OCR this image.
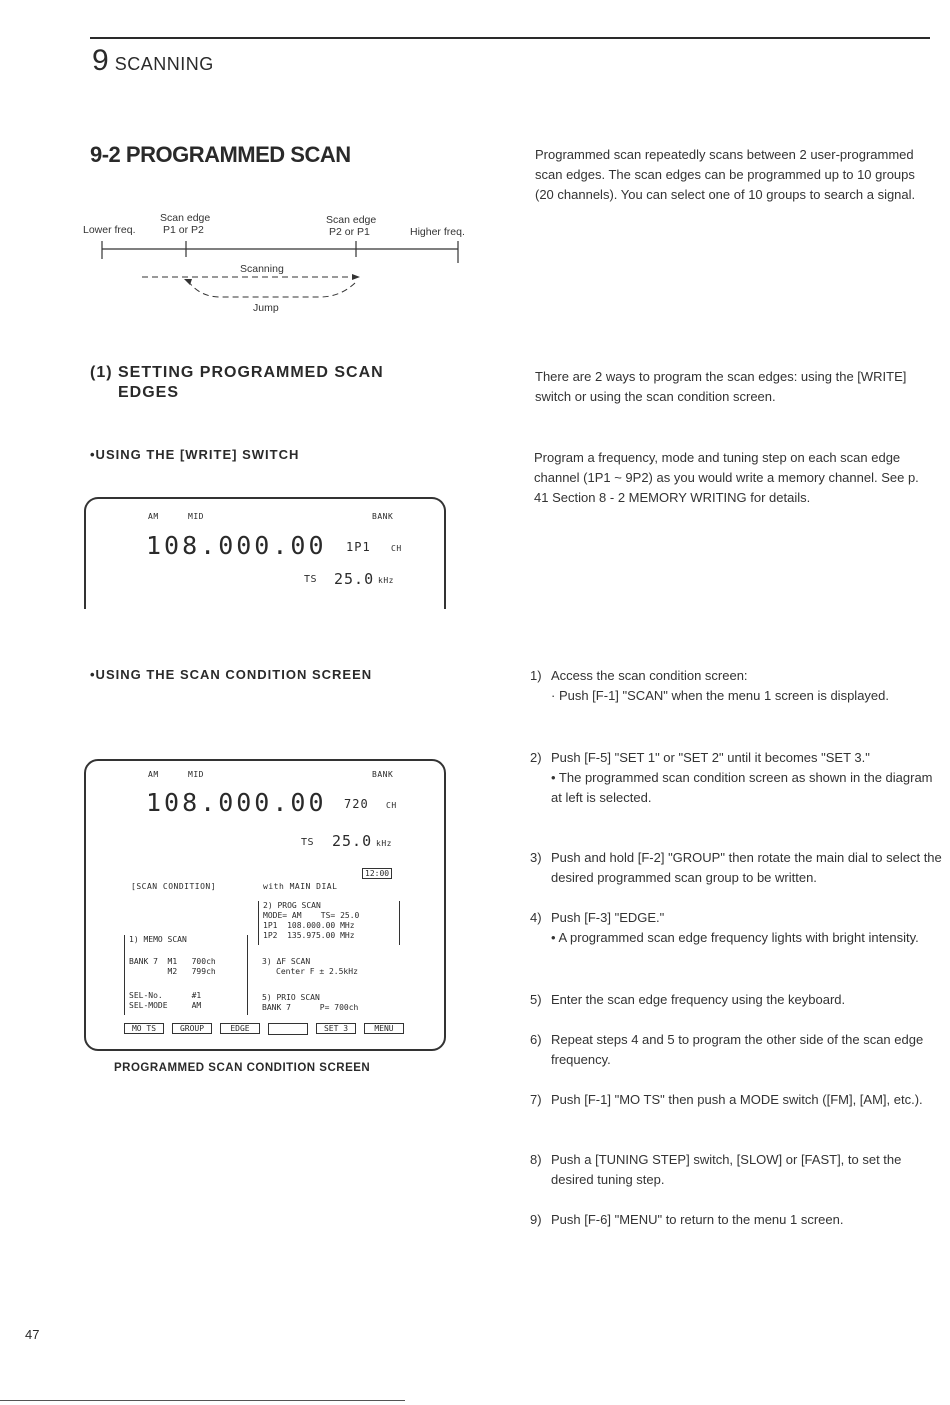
9 SCANNING
9-2 PROGRAMMED SCAN	Programmed scan repeatedly scans between 2 user-programmed scan edges. The scan edges can be programmed up to 10 groups (20 channels). You can select one of 10 groups to search a signal.
Scan edge
Lower freq.	P1 or P2
Scan edge
P2 or P1	Higher freq.
Scanning
Jump
(1) SETTING PROGRAMMED SCAN
EDGES
There are 2 ways to program the scan edges: using the [WRITE] switch or using the scan condition screen.
•USING THE [WRITE] SWITCH	Program a frequency, mode and tuning step on each scan edge channel (1P1 ~ 9P2) as you would write a memory channel. See p. 41 Section 8 - 2 MEMORY WRITING for details.
AM	MID	BANK
108.000.00 1P1	CH
TS 25.0 kHz
•USING THE SCAN CONDITION SCREEN
AM	MID	BANK
108.000.00 720 CH
TS 25.0 kHz
12:00
[SCAN CONDITION]	with MAIN DIAL
2) PROG SCAN
MODE= AM    TS= 25.0
1P1  108.000.00 MHz
1P2  135.975.00 MHz
1) MEMO SCAN
BANK 7  M1   700ch
M2   799ch
SEL-No.      #1
SEL-MODE     AM
3) ΔF SCAN
Center F ± 2.5kHz
5) PRIO SCAN
BANK 7      P= 700ch
MO TS	GROUP	EDGE	SET 3	MENU
PROGRAMMED SCAN CONDITION SCREEN
1) Access the scan condition screen:
· Push [F-1] "SCAN" when the menu 1 screen is displayed.
2) Push [F-5] "SET 1" or "SET 2" until it becomes "SET 3."
• The programmed scan condition screen as shown in the diagram at left is selected.
3) Push and hold [F-2] "GROUP" then rotate the main dial to select the desired programmed scan group to be written.
4) Push [F-3] "EDGE."
• A programmed scan edge frequency lights with bright intensity.
5) Enter the scan edge frequency using the keyboard.
6) Repeat steps 4 and 5 to program the other side of the scan edge frequency.
7) Push [F-1] "MO TS" then push a MODE switch ([FM], [AM], etc.).
8) Push a [TUNING STEP] switch, [SLOW] or [FAST], to set the desired tuning step.
9) Push [F-6] "MENU" to return to the menu 1 screen.
47
